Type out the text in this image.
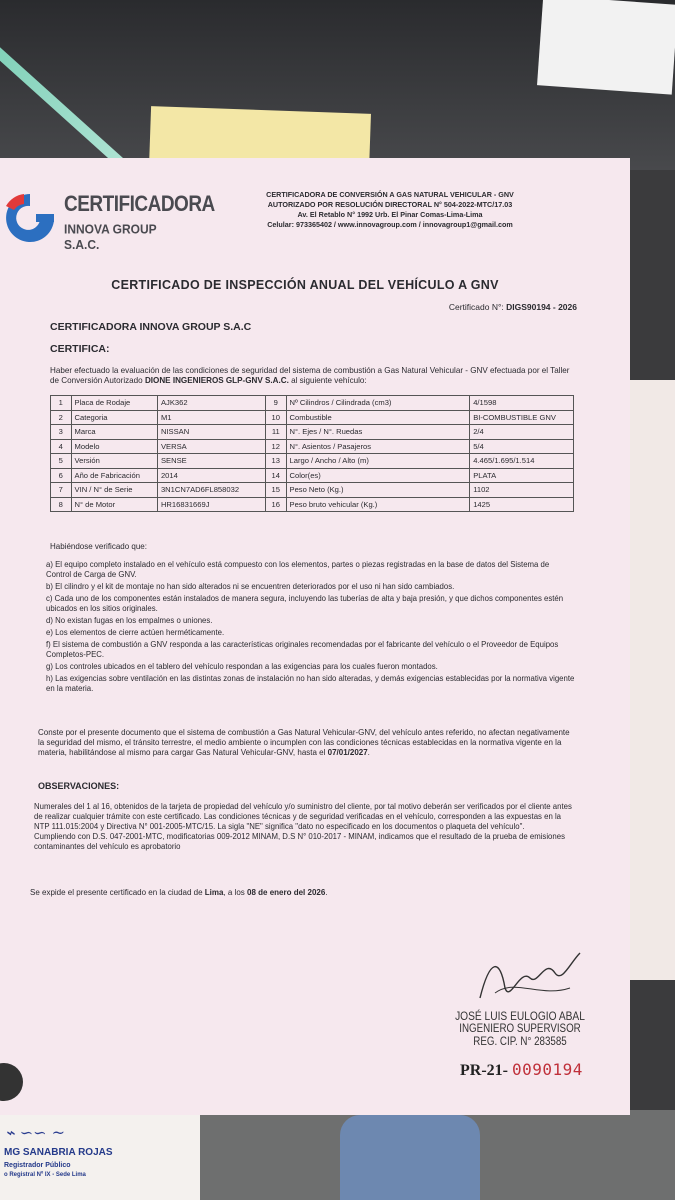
⌁ ∽∽ ~
MG SANABRIA ROJAS
Registrador Público
o Registral Nº IX - Sede Lima
CERTIFICADORA
INNOVA GROUP S.A.C.
CERTIFICADORA DE CONVERSIÓN A GAS NATURAL VEHICULAR - GNV
AUTORIZADO POR RESOLUCIÓN DIRECTORAL N° 504-2022-MTC/17.03
Av. El Retablo N° 1992 Urb. El Pinar Comas-Lima-Lima
Celular: 973365402 / www.innovagroup.com / innovagroup1@gmail.com
CERTIFICADO DE INSPECCIÓN ANUAL DEL VEHÍCULO A GNV
Certificado N°: DIGS90194 - 2026
CERTIFICADORA INNOVA GROUP S.A.C
CERTIFICA:
Haber efectuado la evaluación de las condiciones de seguridad del sistema de combustión a Gas Natural Vehicular - GNV efectuada por el Taller de Conversión Autorizado DIONE INGENIEROS GLP-GNV S.A.C. al siguiente vehículo:
1	Placa de Rodaje	AJK362	9	Nº Cilindros / Cilindrada (cm3)	4/1598
2	Categoria	M1	10	Combustible	BI-COMBUSTIBLE GNV
3	Marca	NISSAN	11	N°. Ejes / N°. Ruedas	2/4
4	Modelo	VERSA	12	N°. Asientos / Pasajeros	5/4
5	Versión	SENSE	13	Largo / Ancho / Alto (m)	4.465/1.695/1.514
6	Año de Fabricación	2014	14	Color(es)	PLATA
7	VIN / N° de Serie	3N1CN7AD6FL858032	15	Peso Neto (Kg.)	1102
8	N° de Motor	HR16831669J	16	Peso bruto vehicular (Kg.)	1425
Habiéndose verificado que:

a) El equipo completo instalado en el vehículo está compuesto con los elementos, partes o piezas registradas en la base de datos del Sistema de Control de Carga de GNV.

b) El cilindro y el kit de montaje no han sido alterados ni se encuentren deteriorados por el uso ni han sido cambiados.

c) Cada uno de los componentes están instalados de manera segura, incluyendo las tuberías de alta y baja presión, y que dichos componentes estén ubicados en los sitios originales.

d) No existan fugas en los empalmes o uniones.

e) Los elementos de cierre actúen herméticamente.

f) El sistema de combustión a GNV responda a las características originales recomendadas por el fabricante del vehículo o el Proveedor de Equipos Completos-PEC.

g) Los controles ubicados en el tablero del vehículo respondan a las exigencias para los cuales fueron montados.

h) Las exigencias sobre ventilación en las distintas zonas de instalación no han sido alteradas, y demás exigencias establecidas por la normativa vigente en la materia.

Conste por el presente documento que el sistema de combustión a Gas Natural Vehicular-GNV, del vehículo antes referido, no afectan negativamente la seguridad del mismo, el tránsito terrestre, el medio ambiente o incumplen con las condiciones técnicas establecidas en la normativa vigente en la materia, habilitándose al mismo para cargar Gas Natural Vehicular-GNV, hasta el 07/01/2027.
OBSERVACIONES:
Numerales del 1 al 16, obtenidos de la tarjeta de propiedad del vehículo y/o suministro del cliente, por tal motivo deberán ser verificados por el cliente antes de realizar cualquier trámite con este certificado. Las condiciones técnicas y de seguridad verificadas en el vehículo, corresponden a las expuestas en la NTP 111.015:2004 y Directiva N° 001-2005-MTC/15. La sigla "NE" significa "dato no especificado en los documentos o plaqueta del vehículo".
Cumpliendo con D.S. 047-2001-MTC, modificatorias 009-2012 MINAM, D.S N° 010-2017 - MINAM, indicamos que el resultado de la prueba de emisiones contaminantes del vehículo es aprobatorio
Se expide el presente certificado en la ciudad de Lima, a los 08 de enero del 2026.
JOSÉ LUIS EULOGIO ABAL
INGENIERO SUPERVISOR
REG. CIP. N° 283585
PR-21- 0090194
